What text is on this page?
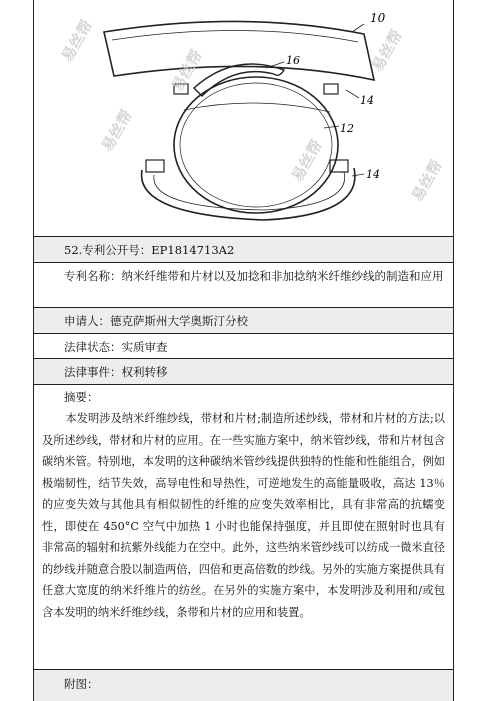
易丝帮
易丝帮
易丝帮
易丝帮
易丝帮
易丝帮
10
16
12
14
14
52.专利公开号：EP1814713A2
专利名称：纳米纤维带和片材以及加捻和非加捻纳米纤维纱线的制造和应用
申请人：德克萨斯州大学奥斯汀分校
法律状态：实质审查
法律事件：权利转移
摘要：
本发明涉及纳米纤维纱线，带材和片材;制造所述纱线，带材和片材的方法;以及所述纱线，带材和片材的应用。在一些实施方案中，纳米管纱线，带和片材包含碳纳米管。特别地，本发明的这种碳纳米管纱线提供独特的性能和性能组合，例如极端韧性，结节失效，高导电性和导热性，可逆地发生的高能量吸收，高达 13％的应变失效与其他具有相似韧性的纤维的应变失效率相比，具有非常高的抗蠕变性，即使在 450°C 空气中加热 1 小时也能保持强度，并且即使在照射时也具有非常高的辐射和抗紫外线能力在空中。此外，这些纳米管纱线可以纺成一微米直径的纱线并随意合股以制造两倍，四倍和更高倍数的纱线。另外的实施方案提供具有任意大宽度的纳米纤维片的纺丝。在另外的实施方案中，本发明涉及利用和/或包含本发明的纳米纤维纱线，条带和片材的应用和装置。
附图：
